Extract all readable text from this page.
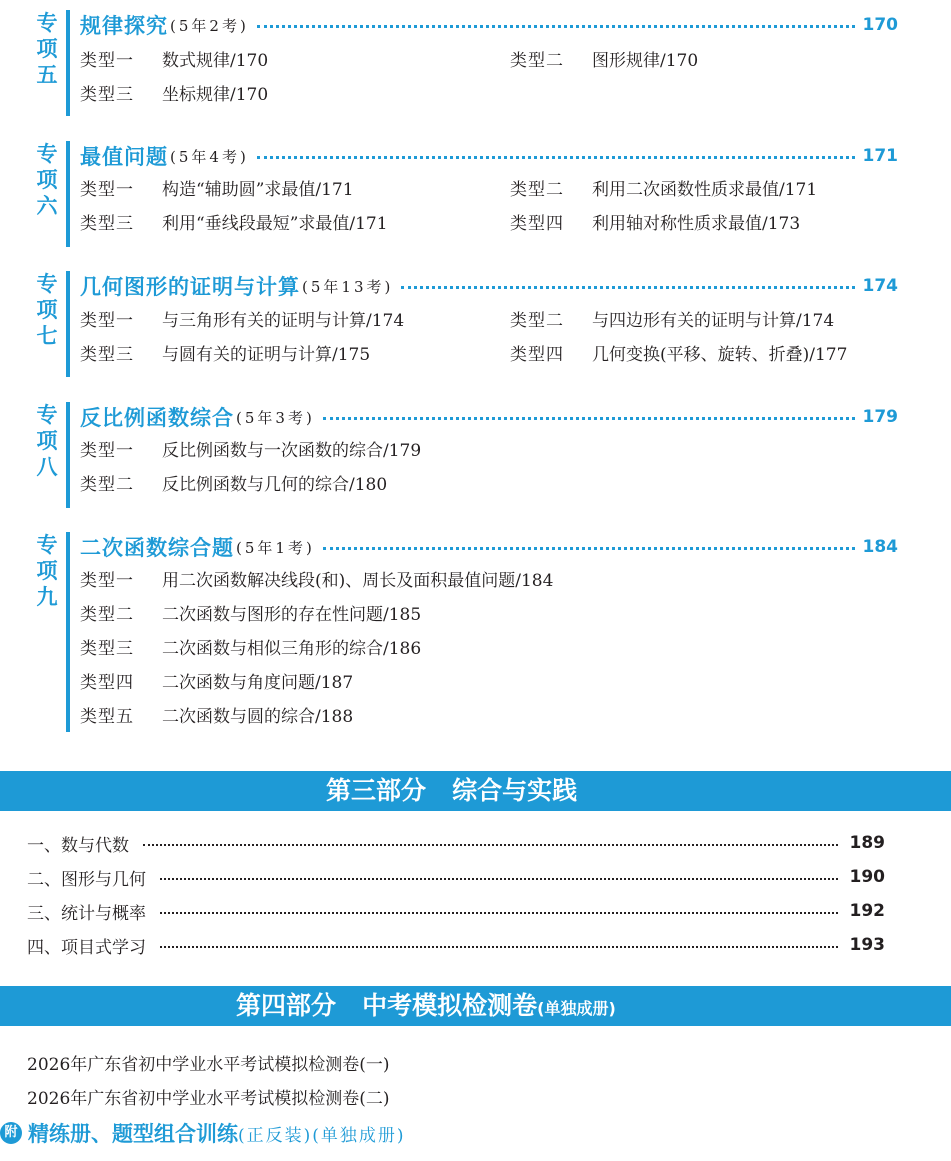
专
项
五
规律探究 (5年2考)	170
类型一 数式规律/170	类型二 图形规律/170
类型三 坐标规律/170
专
项
六
最值问题 (5年4考)	171
类型一 构造“辅助圆”求最值/171	类型二 利用二次函数性质求最值/171
类型三 利用“垂线段最短”求最值/171	类型四 利用轴对称性质求最值/173
专
项
七
几何图形的证明与计算 (5年13考)	174
类型一 与三角形有关的证明与计算/174	类型二 与四边形有关的证明与计算/174
类型三 与圆有关的证明与计算/175	类型四 几何变换(平移、旋转、折叠)/177
专
项
八
反比例函数综合 (5年3考)	179
类型一 反比例函数与一次函数的综合/179
类型二 反比例函数与几何的综合/180
专
项
九
二次函数综合题 (5年1考)	184
类型一 用二次函数解决线段(和)、周长及面积最值问题/184
类型二 二次函数与图形的存在性问题/185
类型三 二次函数与相似三角形的综合/186
类型四 二次函数与角度问题/187
类型五 二次函数与圆的综合/188
第三部分   综合与实践
一、数与代数	189
二、图形与几何	190
三、统计与概率	192
四、项目式学习	193
第四部分   中考模拟检测卷(单独成册)
2026年广东省初中学业水平考试模拟检测卷(一)
2026年广东省初中学业水平考试模拟检测卷(二)
附 精练册、题型组合训练 (正反装)(单独成册)
